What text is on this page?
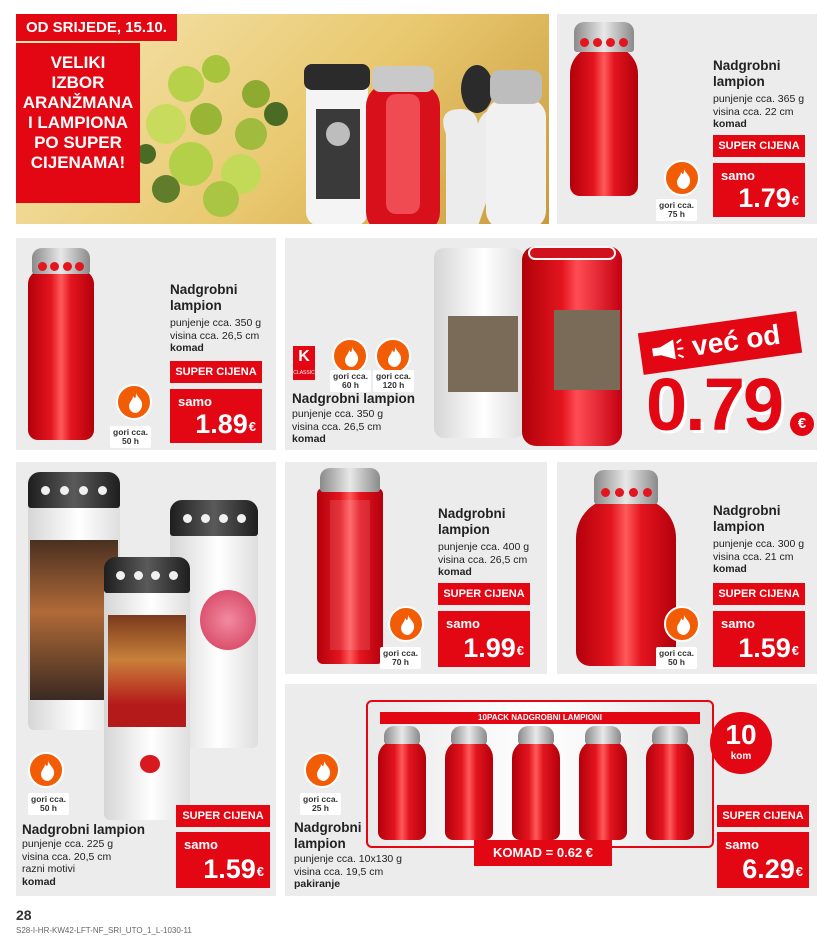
OD SRIJEDE, 15.10.
VELIKI
IZBOR
ARANŽMANA
I LAMPIONA
PO SUPER
CIJENAMA!
Nadgrobni
lampion
punjenje cca. 365 g
visina cca. 22 cm
komad
SUPER CIJENA
samo
1.79€
gori cca.
75 h
Nadgrobni
lampion
punjenje cca. 350 g
visina cca. 26,5 cm
komad
SUPER CIJENA
samo
1.89€
gori cca.
50 h
K
CLASSIC gori cca.
60 h
gori cca.
120 h
Nadgrobni lampion
punjenje cca. 350 g
visina cca. 26,5 cm
komad
već od
0.79	€
gori cca.
50 h
Nadgrobni lampion
punjenje cca. 225 g
visina cca. 20,5 cm
razni motivi
komad
SUPER CIJENA
samo
1.59€
Nadgrobni
lampion
punjenje cca. 400 g
visina cca. 26,5 cm
komad
SUPER CIJENA
samo
1.99€
gori cca.
70 h
Nadgrobni
lampion
punjenje cca. 300 g
visina cca. 21 cm
komad
SUPER CIJENA
samo
1.59€
gori cca.
50 h
10PACK NADGROBNI LAMPIONI
KOMAD = 0.62 €
10
kom
gori cca.
25 h
Nadgrobni
lampion
punjenje cca. 10x130 g
visina cca. 19,5 cm
pakiranje
SUPER CIJENA
samo
6.29€
28
S28-I-HR-KW42-LFT-NF_SRI_UTO_1_L-1030-11
